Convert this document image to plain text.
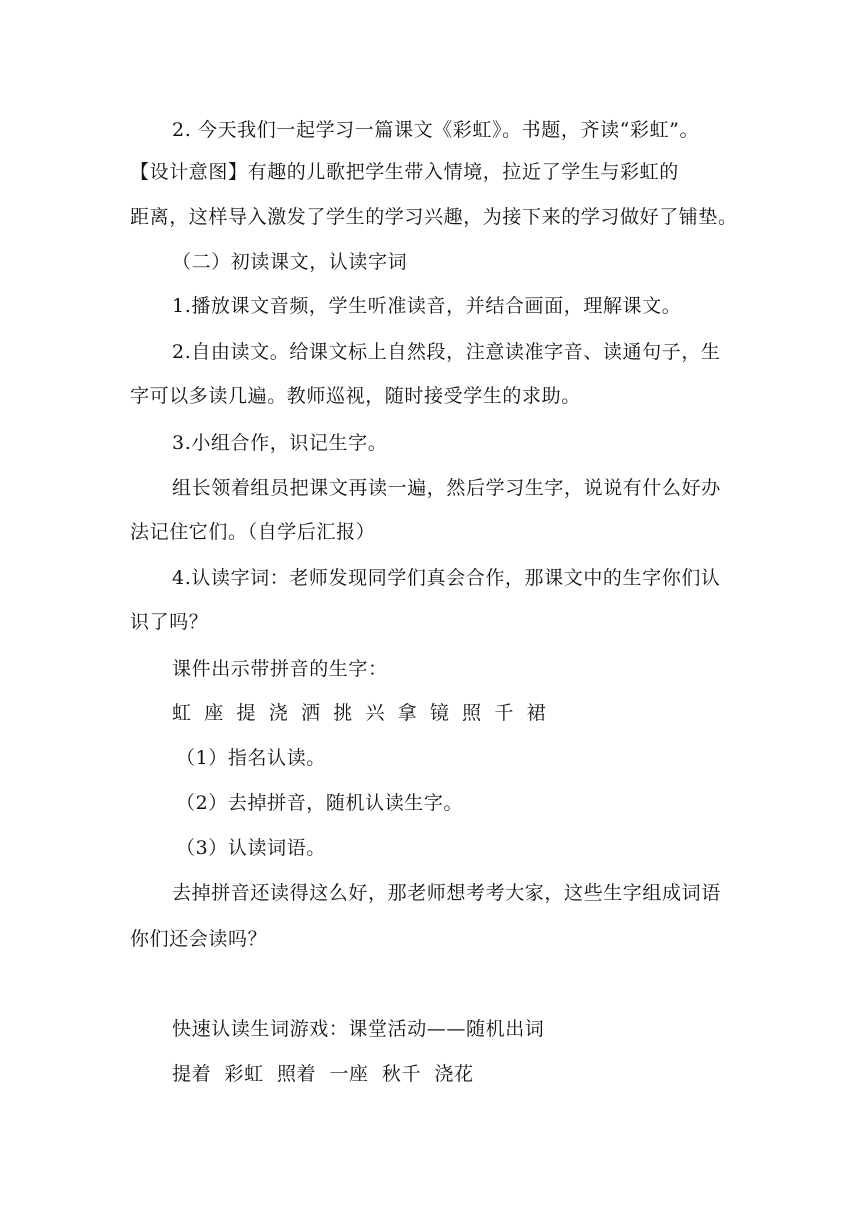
2. 今天我们一起学习一篇课文《彩虹》。书题，齐读“彩虹”。
【设计意图】有趣的儿歌把学生带入情境，拉近了学生与彩虹的
距离，这样导入激发了学生的学习兴趣，为接下来的学习做好了铺垫。
（二）初读课文，认读字词
1.播放课文音频，学生听准读音，并结合画面，理解课文。
2.自由读文。给课文标上自然段，注意读准字音、读通句子，生
字可以多读几遍。教师巡视，随时接受学生的求助。
3.小组合作，识记生字。
组长领着组员把课文再读一遍，然后学习生字，说说有什么好办
法记住它们。（自学后汇报）
4.认读字词：老师发现同学们真会合作，那课文中的生字你们认
识了吗？
课件出示带拼音的生字：
虹 座 提 浇 洒 挑 兴 拿 镜 照 千 裙
（1）指名认读。
（2）去掉拼音，随机认读生字。
（3）认读词语。
去掉拼音还读得这么好，那老师想考考大家，这些生字组成词语
你们还会读吗？
快速认读生词游戏：课堂活动——随机出词
提着  彩虹  照着  一座  秋千  浇花
